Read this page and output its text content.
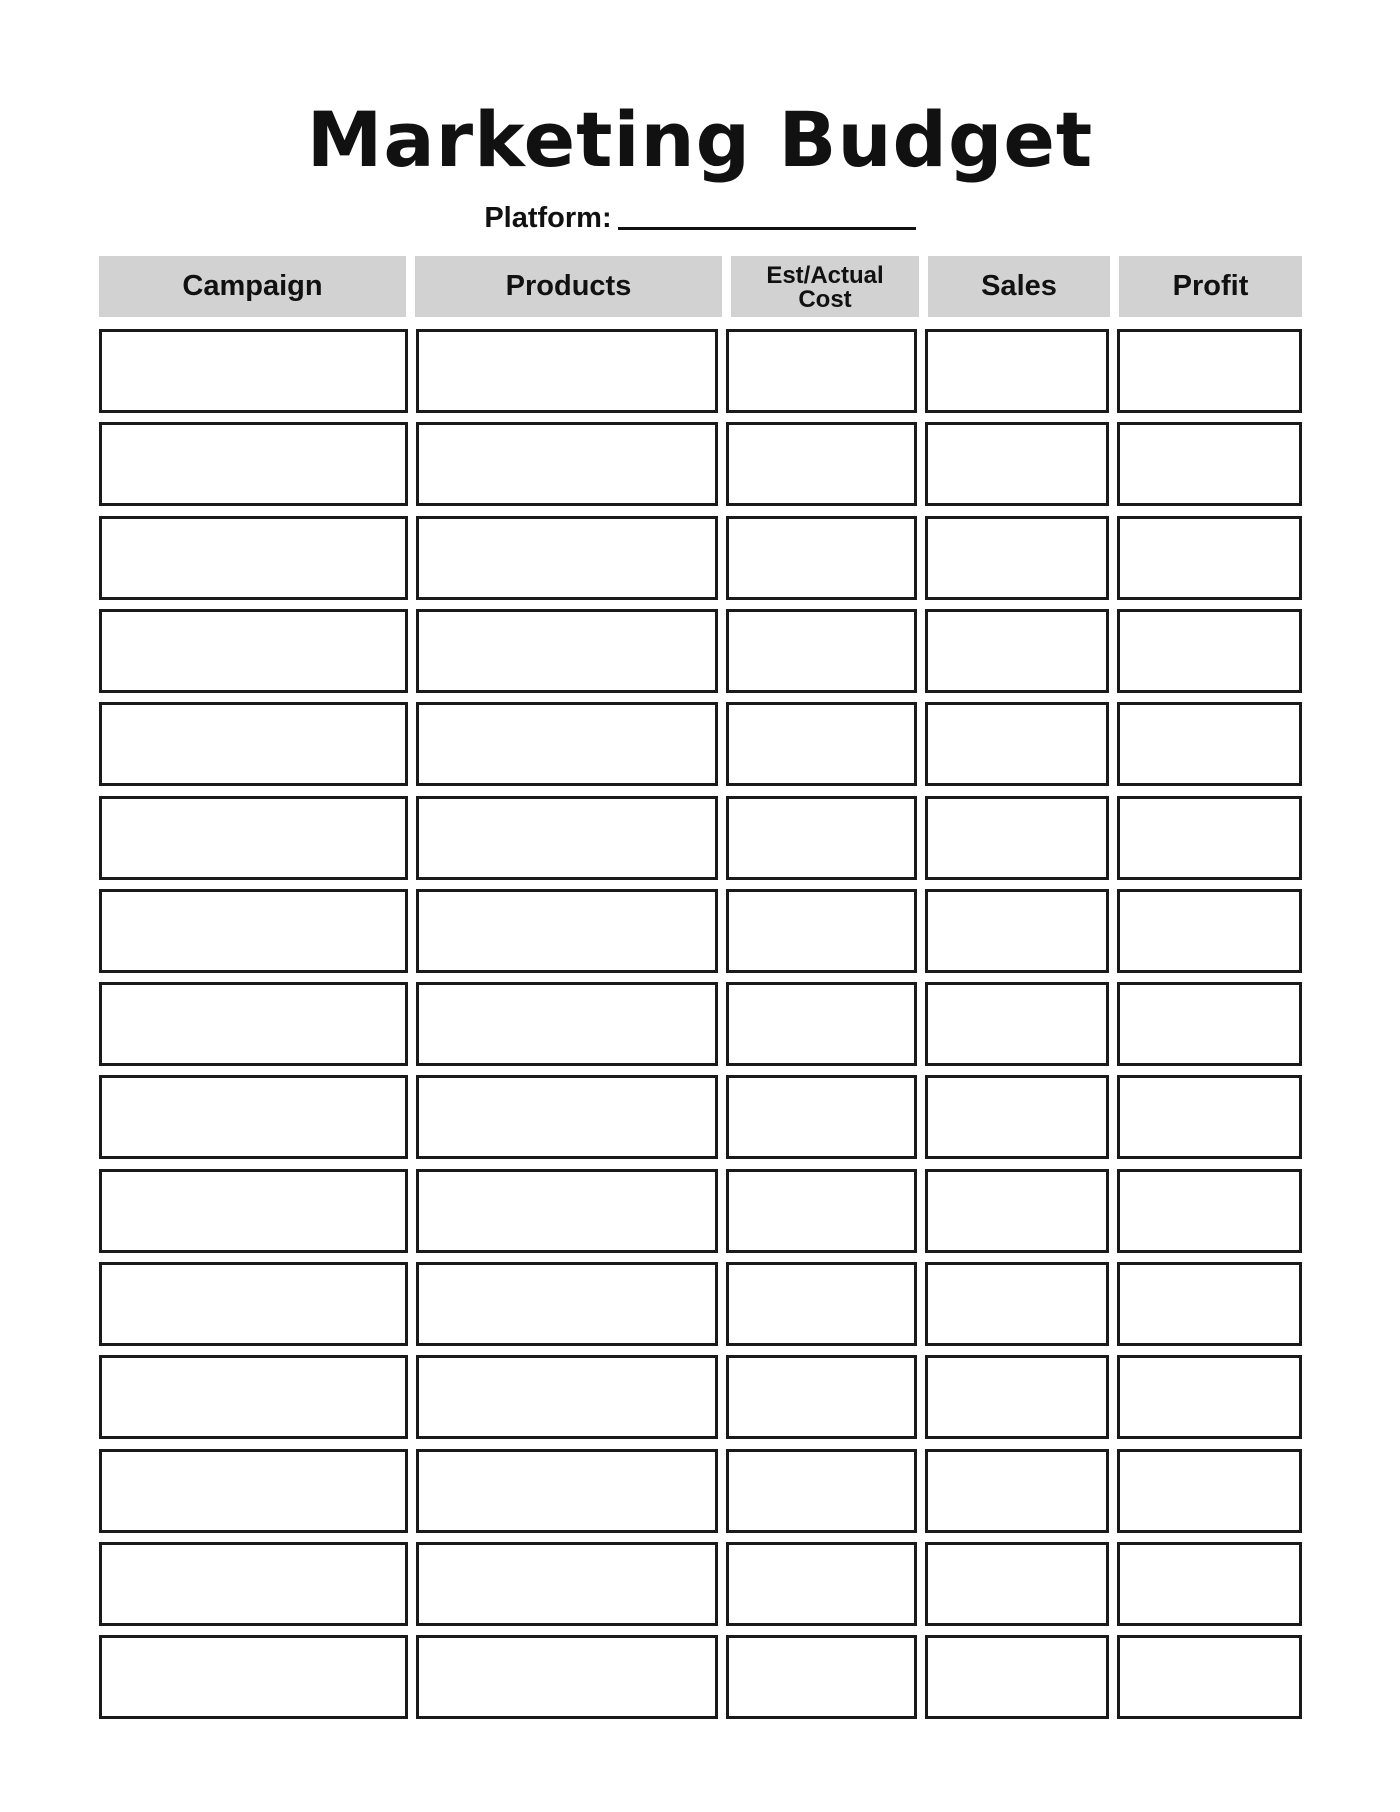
Marketing Budget
Platform:
Campaign	Products	Est/Actual Cost	Sales	Profit
